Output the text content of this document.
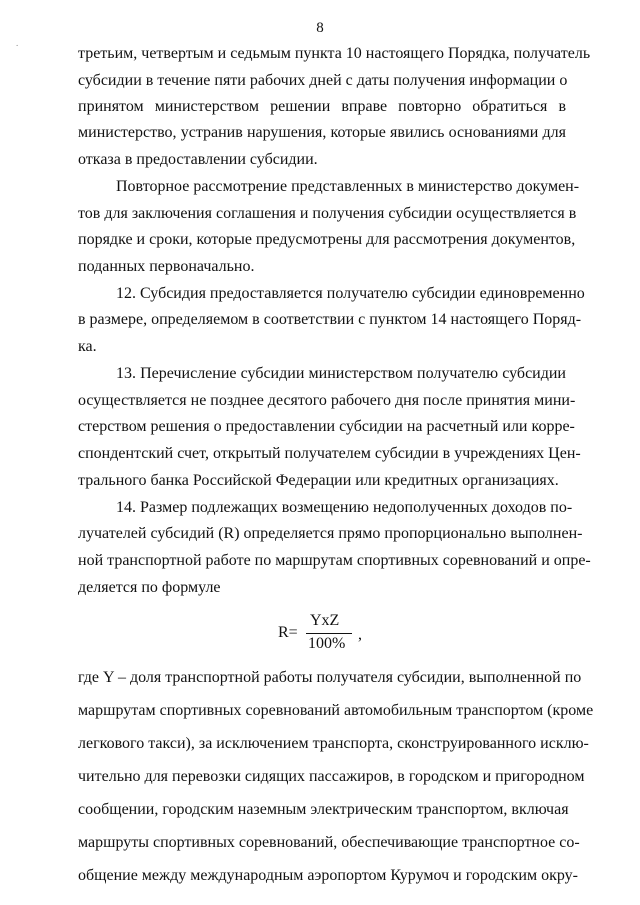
8
.
третьим, четвертым и седьмым пункта 10 настоящего Порядка, получатель
субсидии в течение пяти рабочих дней с даты получения информации о
принятом министерством решении вправе повторно обратиться в
министерство, устранив нарушения, которые явились основаниями для
отказа в предоставлении субсидии.
Повторное рассмотрение представленных в министерство докумен-
тов для заключения соглашения и получения субсидии осуществляется в
порядке и сроки, которые предусмотрены для рассмотрения документов,
поданных первоначально.
12. Субсидия предоставляется получателю субсидии единовременно
в размере, определяемом в соответствии с пунктом 14 настоящего Поряд-
ка.
13. Перечисление субсидии министерством получателю субсидии
осуществляется не позднее десятого рабочего дня после принятия мини-
стерством решения о предоставлении субсидии на расчетный или корре-
спондентский счет, открытый получателем субсидии в учреждениях Цен-
трального банка Российской Федерации или кредитных организациях.
14. Размер подлежащих возмещению недополученных доходов по-
лучателей субсидий (R) определяется прямо пропорционально выполнен-
ной транспортной работе по маршрутам спортивных соревнований и опре-
деляется по формуле
R=
YxZ
100%
,
где Y – доля транспортной работы получателя субсидии, выполненной по
маршрутам спортивных соревнований автомобильным транспортом (кроме
легкового такси), за исключением транспорта, сконструированного исклю-
чительно для перевозки сидящих пассажиров, в городском и пригородном
сообщении, городским наземным электрическим транспортом, включая
маршруты спортивных соревнований, обеспечивающие транспортное со-
общение между международным аэропортом Курумоч и городским окру-
